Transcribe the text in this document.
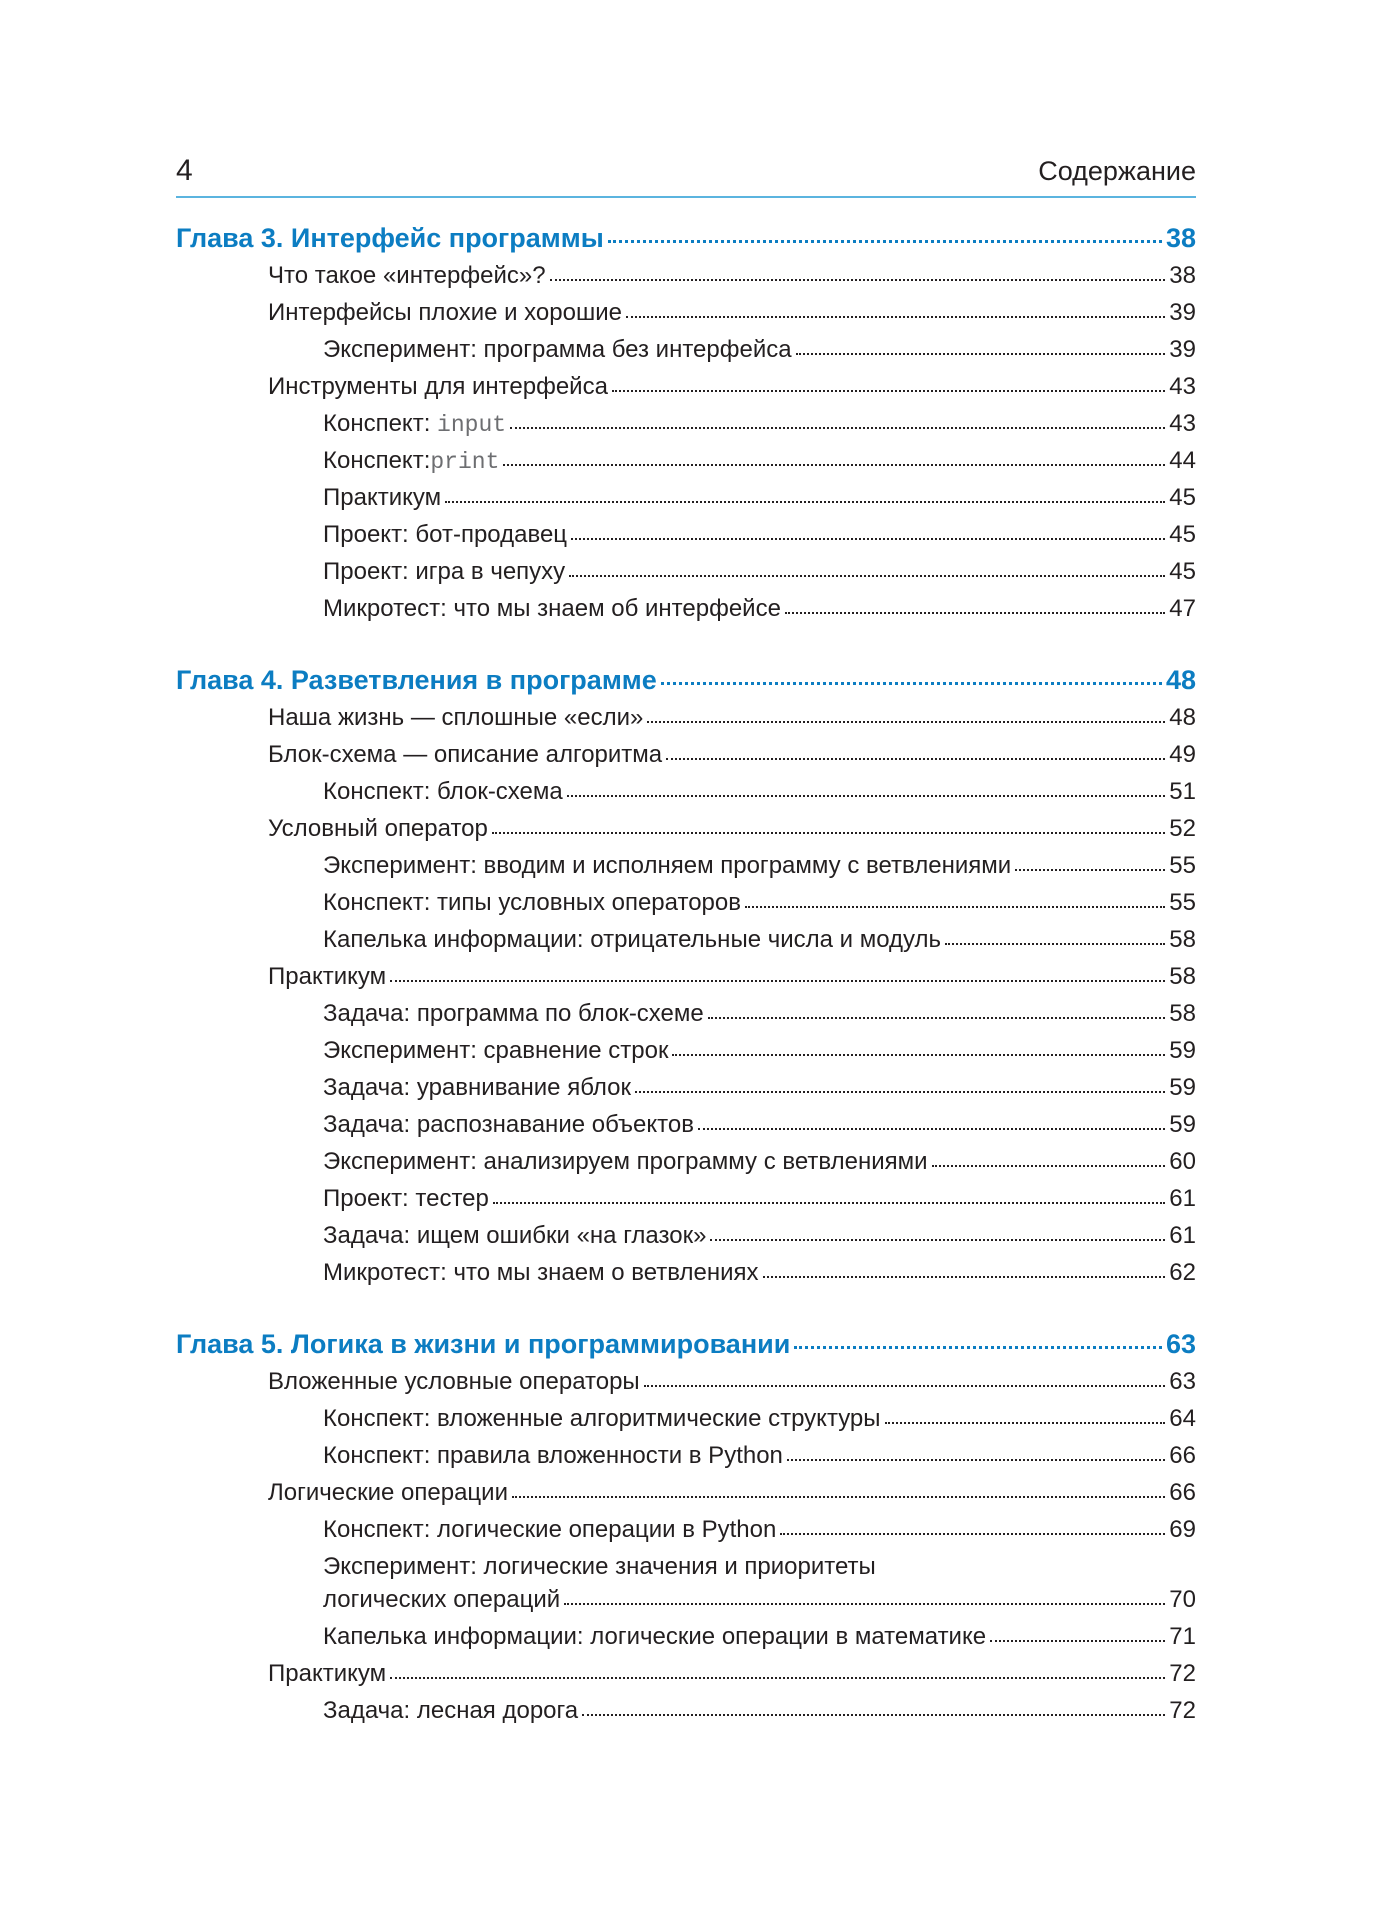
4	Содержание
Глава 3. Интерфейс программы	38
Что такое «интерфейс»?	38
Интерфейсы плохие и хорошие	39
Эксперимент: программа без интерфейса	39
Инструменты для интерфейса	43
Конспект: input	43
Конспект:print	44
Практикум	45
Проект: бот-продавец	45
Проект: игра в чепуху	45
Микротест: что мы знаем об интерфейсе	47
Глава 4. Разветвления в программе	48
Наша жизнь — сплошные «если»	48
Блок-схема — описание алгоритма	49
Конспект: блок-схема	51
Условный оператор	52
Эксперимент: вводим и исполняем программу с ветвлениями	55
Конспект: типы условных операторов	55
Капелька информации: отрицательные числа и модуль	58
Практикум	58
Задача: программа по блок-схеме	58
Эксперимент: сравнение строк	59
Задача: уравнивание яблок	59
Задача: распознавание объектов	59
Эксперимент: анализируем программу с ветвлениями	60
Проект: тестер	61
Задача: ищем ошибки «на глазок»	61
Микротест: что мы знаем о ветвлениях	62
Глава 5. Логика в жизни и программировании	63
Вложенные условные операторы	63
Конспект: вложенные алгоритмические структуры	64
Конспект: правила вложенности в Python	66
Логические операции	66
Конспект: логические операции в Python	69
Эксперимент: логические значения и приоритеты
логических операций	70
Капелька информации: логические операции в математике	71
Практикум	72
Задача: лесная дорога	72
